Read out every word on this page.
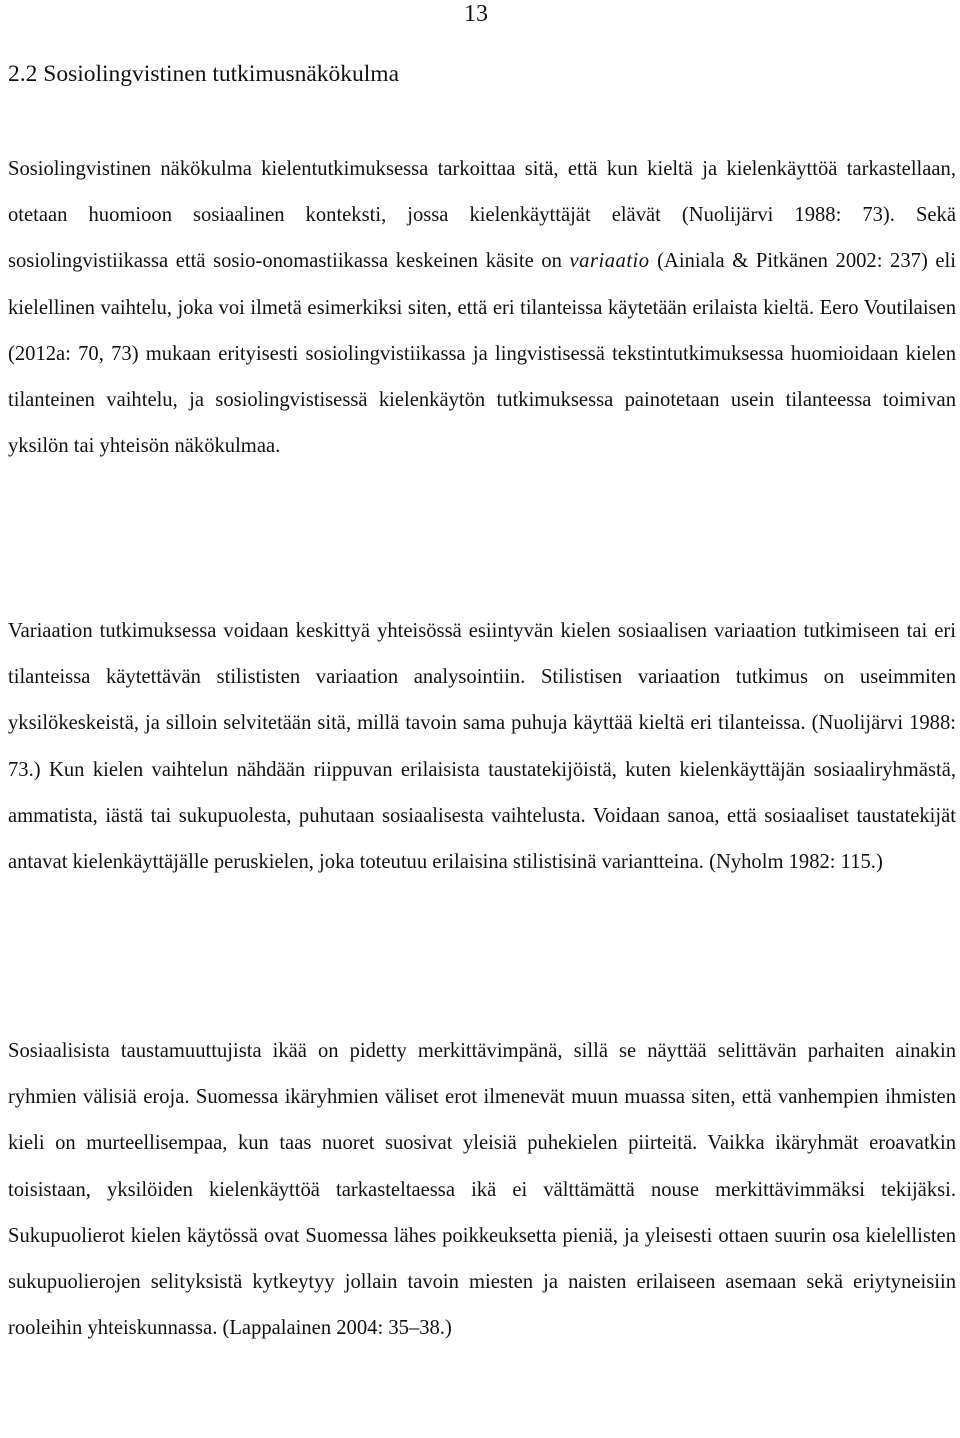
13
2.2 Sosiolingvistinen tutkimusnäkökulma

Sosiolingvistinen näkökulma kielentutkimuksessa tarkoittaa sitä, että kun kieltä ja kielenkäyttöä tarkastellaan, otetaan huomioon sosiaalinen konteksti, jossa kielenkäyttäjät elävät (Nuolijärvi 1988: 73). Sekä sosiolingvistiikassa että sosio-onomastiikassa keskeinen käsite on variaatio (Ainiala & Pitkänen 2002: 237) eli kielellinen vaihtelu, joka voi ilmetä esimerkiksi siten, että eri tilanteissa käytetään erilaista kieltä. Eero Voutilaisen (2012a: 70, 73) mukaan erityisesti sosiolingvistiikassa ja lingvistisessä tekstintutkimuksessa huomioidaan kielen tilanteinen vaihtelu, ja sosiolingvistisessä kielenkäytön tutkimuksessa painotetaan usein tilanteessa toimivan yksilön tai yhteisön näkökulmaa.

Variaation tutkimuksessa voidaan keskittyä yhteisössä esiintyvän kielen sosiaalisen variaation tutkimiseen tai eri tilanteissa käytettävän stilististen variaation analysointiin. Stilistisen variaation tutkimus on useimmiten yksilökeskeistä, ja silloin selvitetään sitä, millä tavoin sama puhuja käyttää kieltä eri tilanteissa. (Nuolijärvi 1988: 73.) Kun kielen vaihtelun nähdään riippuvan erilaisista taustatekijöistä, kuten kielenkäyttäjän sosiaaliryhmästä, ammatista, iästä tai sukupuolesta, puhutaan sosiaalisesta vaihtelusta. Voidaan sanoa, että sosiaaliset taustatekijät antavat kielenkäyttäjälle peruskielen, joka toteutuu erilaisina stilistisinä variantteina. (Nyholm 1982: 115.)

Sosiaalisista taustamuuttujista ikää on pidetty merkittävimpänä, sillä se näyttää selittävän parhaiten ainakin ryhmien välisiä eroja. Suomessa ikäryhmien väliset erot ilmenevät muun muassa siten, että vanhempien ihmisten kieli on murteellisempaa, kun taas nuoret suosivat yleisiä puhekielen piirteitä. Vaikka ikäryhmät eroavatkin toisistaan, yksilöiden kielenkäyttöä tarkasteltaessa ikä ei välttämättä nouse merkittävimmäksi tekijäksi. Sukupuolierot kielen käytössä ovat Suomessa lähes poikkeuksetta pieniä, ja yleisesti ottaen suurin osa kielellisten sukupuolierojen selityksistä kytkeytyy jollain tavoin miesten ja naisten erilaiseen asemaan sekä eriytyneisiin rooleihin yhteiskunnassa. (Lappalainen 2004: 35–38.)
